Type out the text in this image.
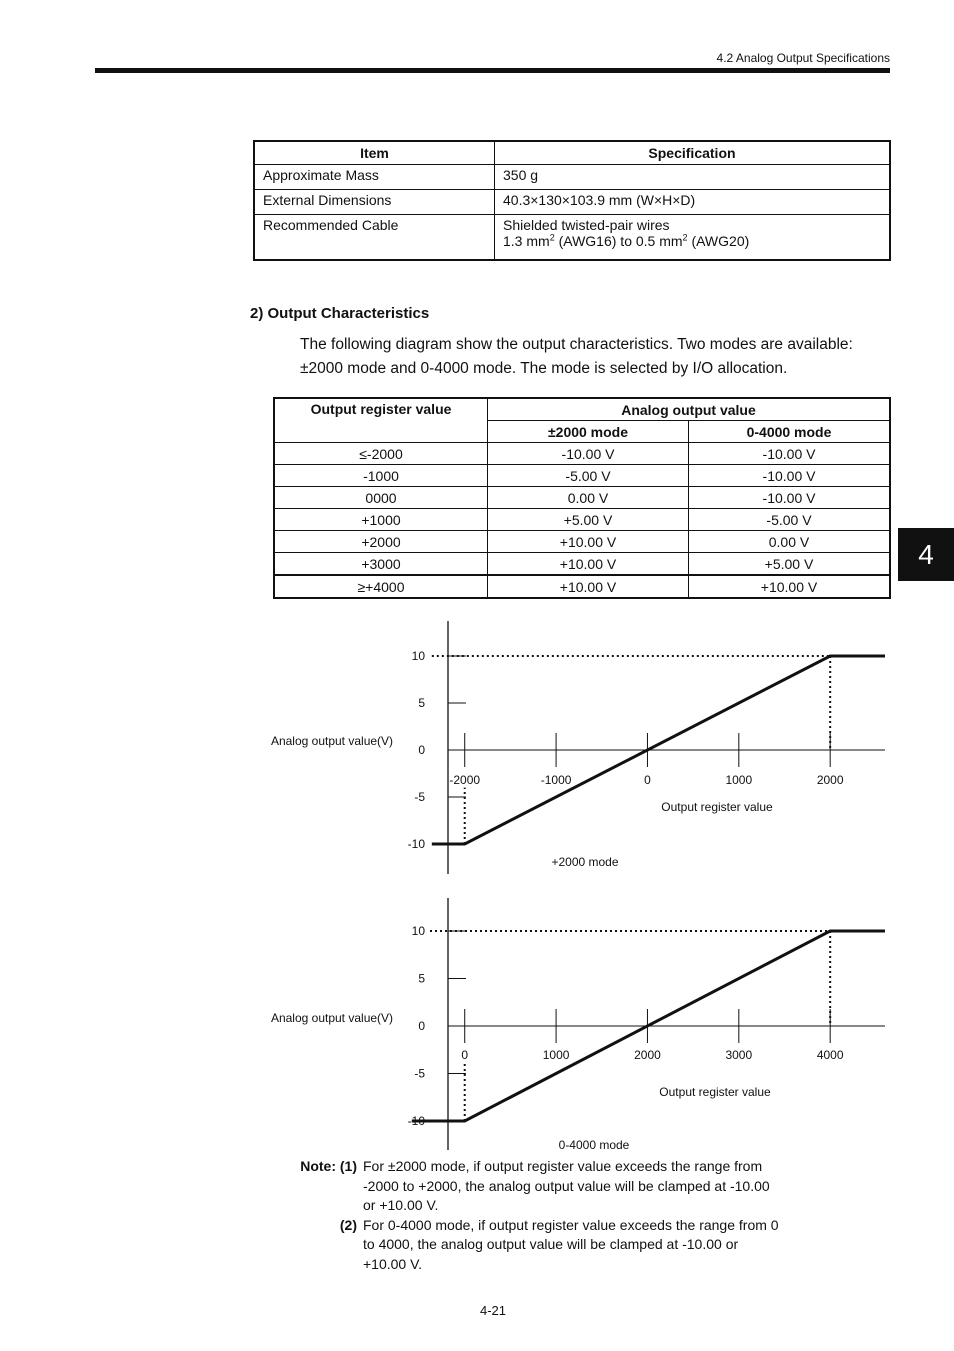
4.2 Analog Output Specifications
Item	Specification
Approximate Mass	350 g
External Dimensions	40.3×130×103.9 mm (W×H×D)
Recommended Cable	Shielded twisted-pair wires
1.3 $mm^2$ (AWG16) to 0.5 $mm^2$ (AWG20)
2) Output Characteristics
The following diagram show the output characteristics. Two modes are available: ±2000 mode and 0-4000 mode. The mode is selected by I/O allocation.
Output register value	Analog output value	
	±2000 mode	0-4000 mode
≤-2000	-10.00 V	-10.00 V
-1000	-5.00 V	-10.00 V
0000	0.00 V	-10.00 V
+1000	+5.00 V	-5.00 V
+2000	+10.00 V	0.00 V
+3000	+10.00 V	+5.00 V
≥+4000	+10.00 V	+10.00 V
10
5
0
-5
-10
-2000	-1000	0	1000	2000
Analog output value(V)
Output register value
+2000 mode
10
5
0
-5
-10
0	1000	2000	3000	4000
Analog output value(V)
Output register value
0-4000 mode
Note: (1) For ±2000 mode, if output register value exceeds the range from -2000 to +2000, the analog output value will be clamped at -10.00 or +10.00 V.
(2) For 0-4000 mode, if output register value exceeds the range from 0 to 4000, the analog output value will be clamped at -10.00 or +10.00 V.
4-21
4
